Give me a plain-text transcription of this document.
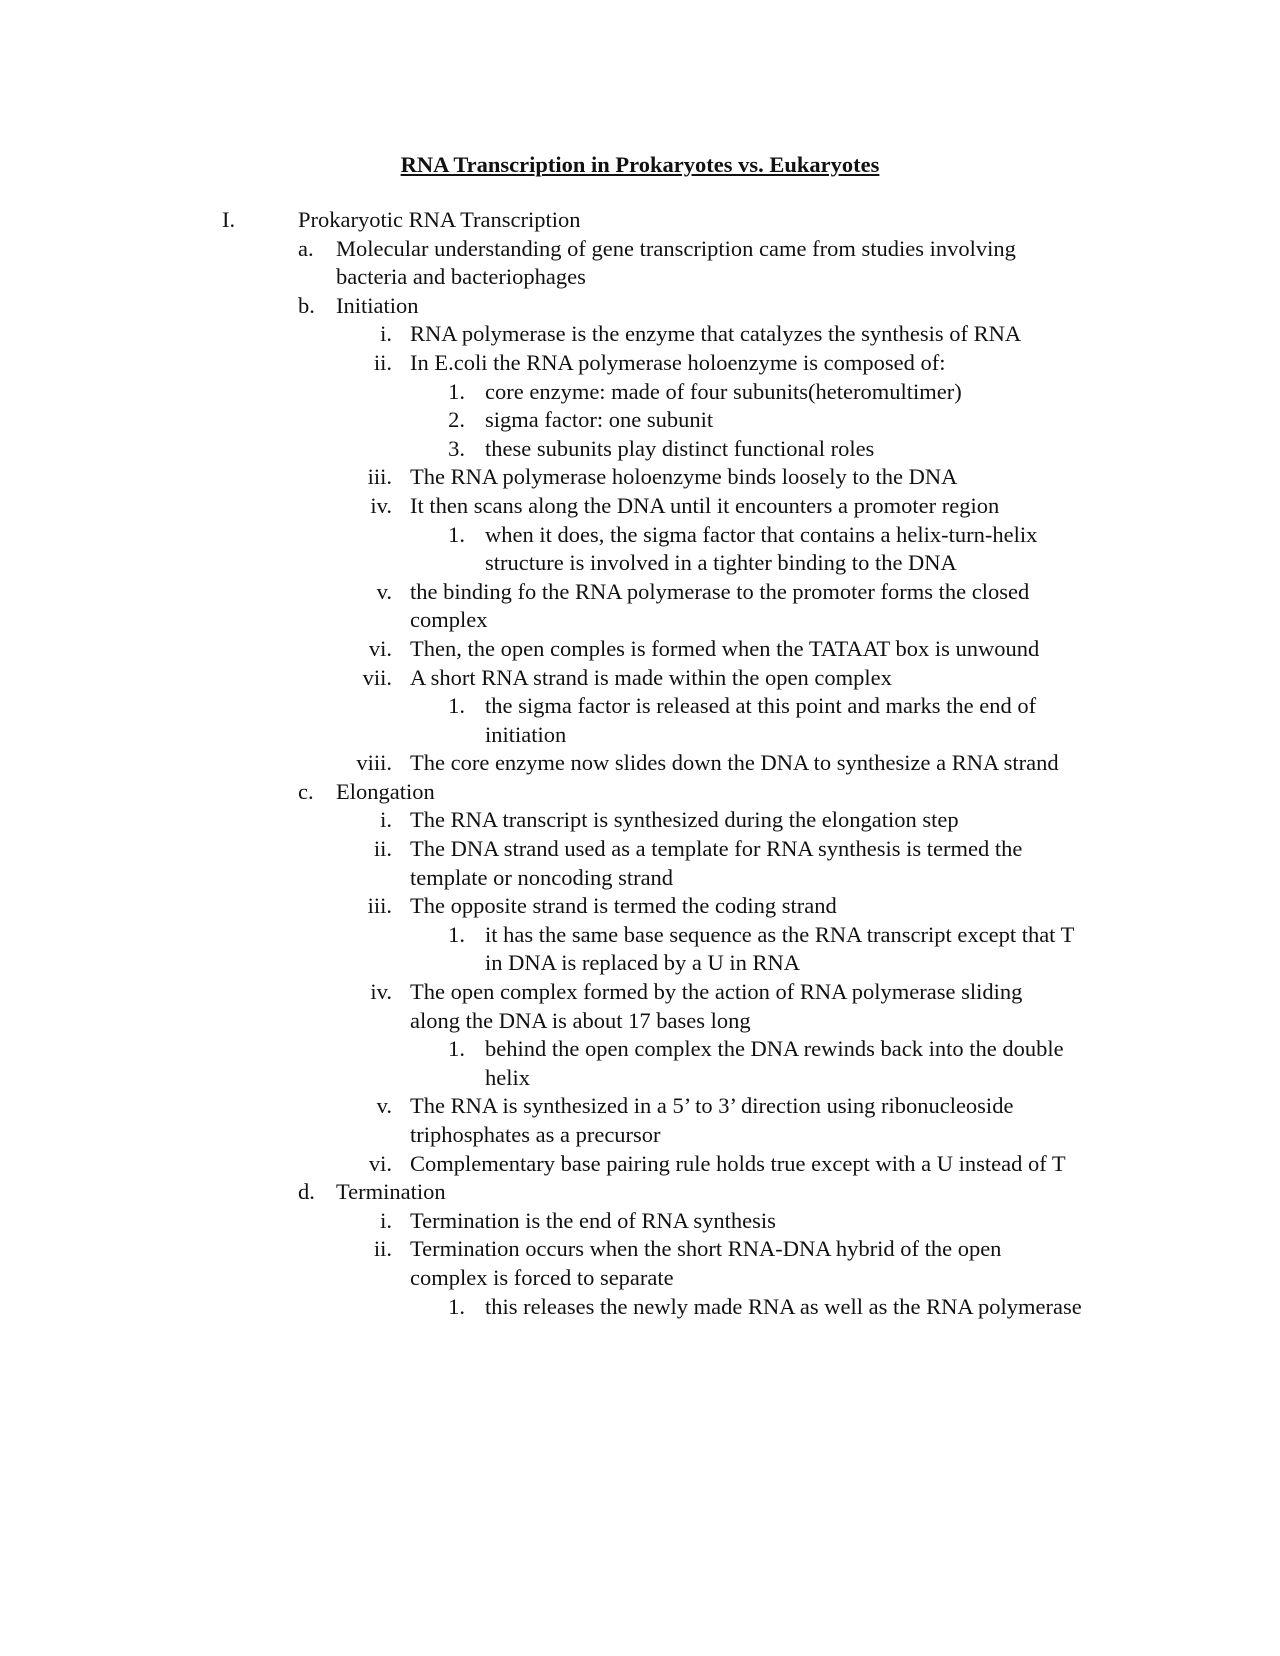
RNA Transcription in Prokaryotes vs. Eukaryotes
I.	Prokaryotic RNA Transcription
a. Molecular understanding of gene transcription came from studies involving bacteria and bacteriophages
b. Initiation
i. RNA polymerase is the enzyme that catalyzes the synthesis of RNA
ii. In E.coli the RNA polymerase holoenzyme is composed of:
1. core enzyme: made of four subunits(heteromultimer)
2. sigma factor: one subunit
3. these subunits play distinct functional roles
iii. The RNA polymerase holoenzyme binds loosely to the DNA
iv. It then scans along the DNA until it encounters a promoter region
1. when it does, the sigma factor that contains a helix-turn-helix structure is involved in a tighter binding to the DNA
v. the binding fo the RNA polymerase to the promoter forms the closed complex
vi. Then, the open comples is formed when the TATAAT box is unwound
vii. A short RNA strand is made within the open complex
1. the sigma factor is released at this point and marks the end of initiation
viii. The core enzyme now slides down the DNA to synthesize a RNA strand
c. Elongation
i. The RNA transcript is synthesized during the elongation step
ii. The DNA strand used as a template for RNA synthesis is termed the template or noncoding strand
iii. The opposite strand is termed the coding strand
1. it has the same base sequence as the RNA transcript except that T in DNA is replaced by a U in RNA
iv. The open complex formed by the action of RNA polymerase sliding along the DNA is about 17 bases long
1. behind the open complex the DNA rewinds back into the double helix
v. The RNA is synthesized in a 5’ to 3’ direction using ribonucleoside triphosphates as a precursor
vi. Complementary base pairing rule holds true except with a U instead of T
d. Termination
i. Termination is the end of RNA synthesis
ii. Termination occurs when the short RNA-DNA hybrid of the open complex is forced to separate
1. this releases the newly made RNA as well as the RNA polymerase
